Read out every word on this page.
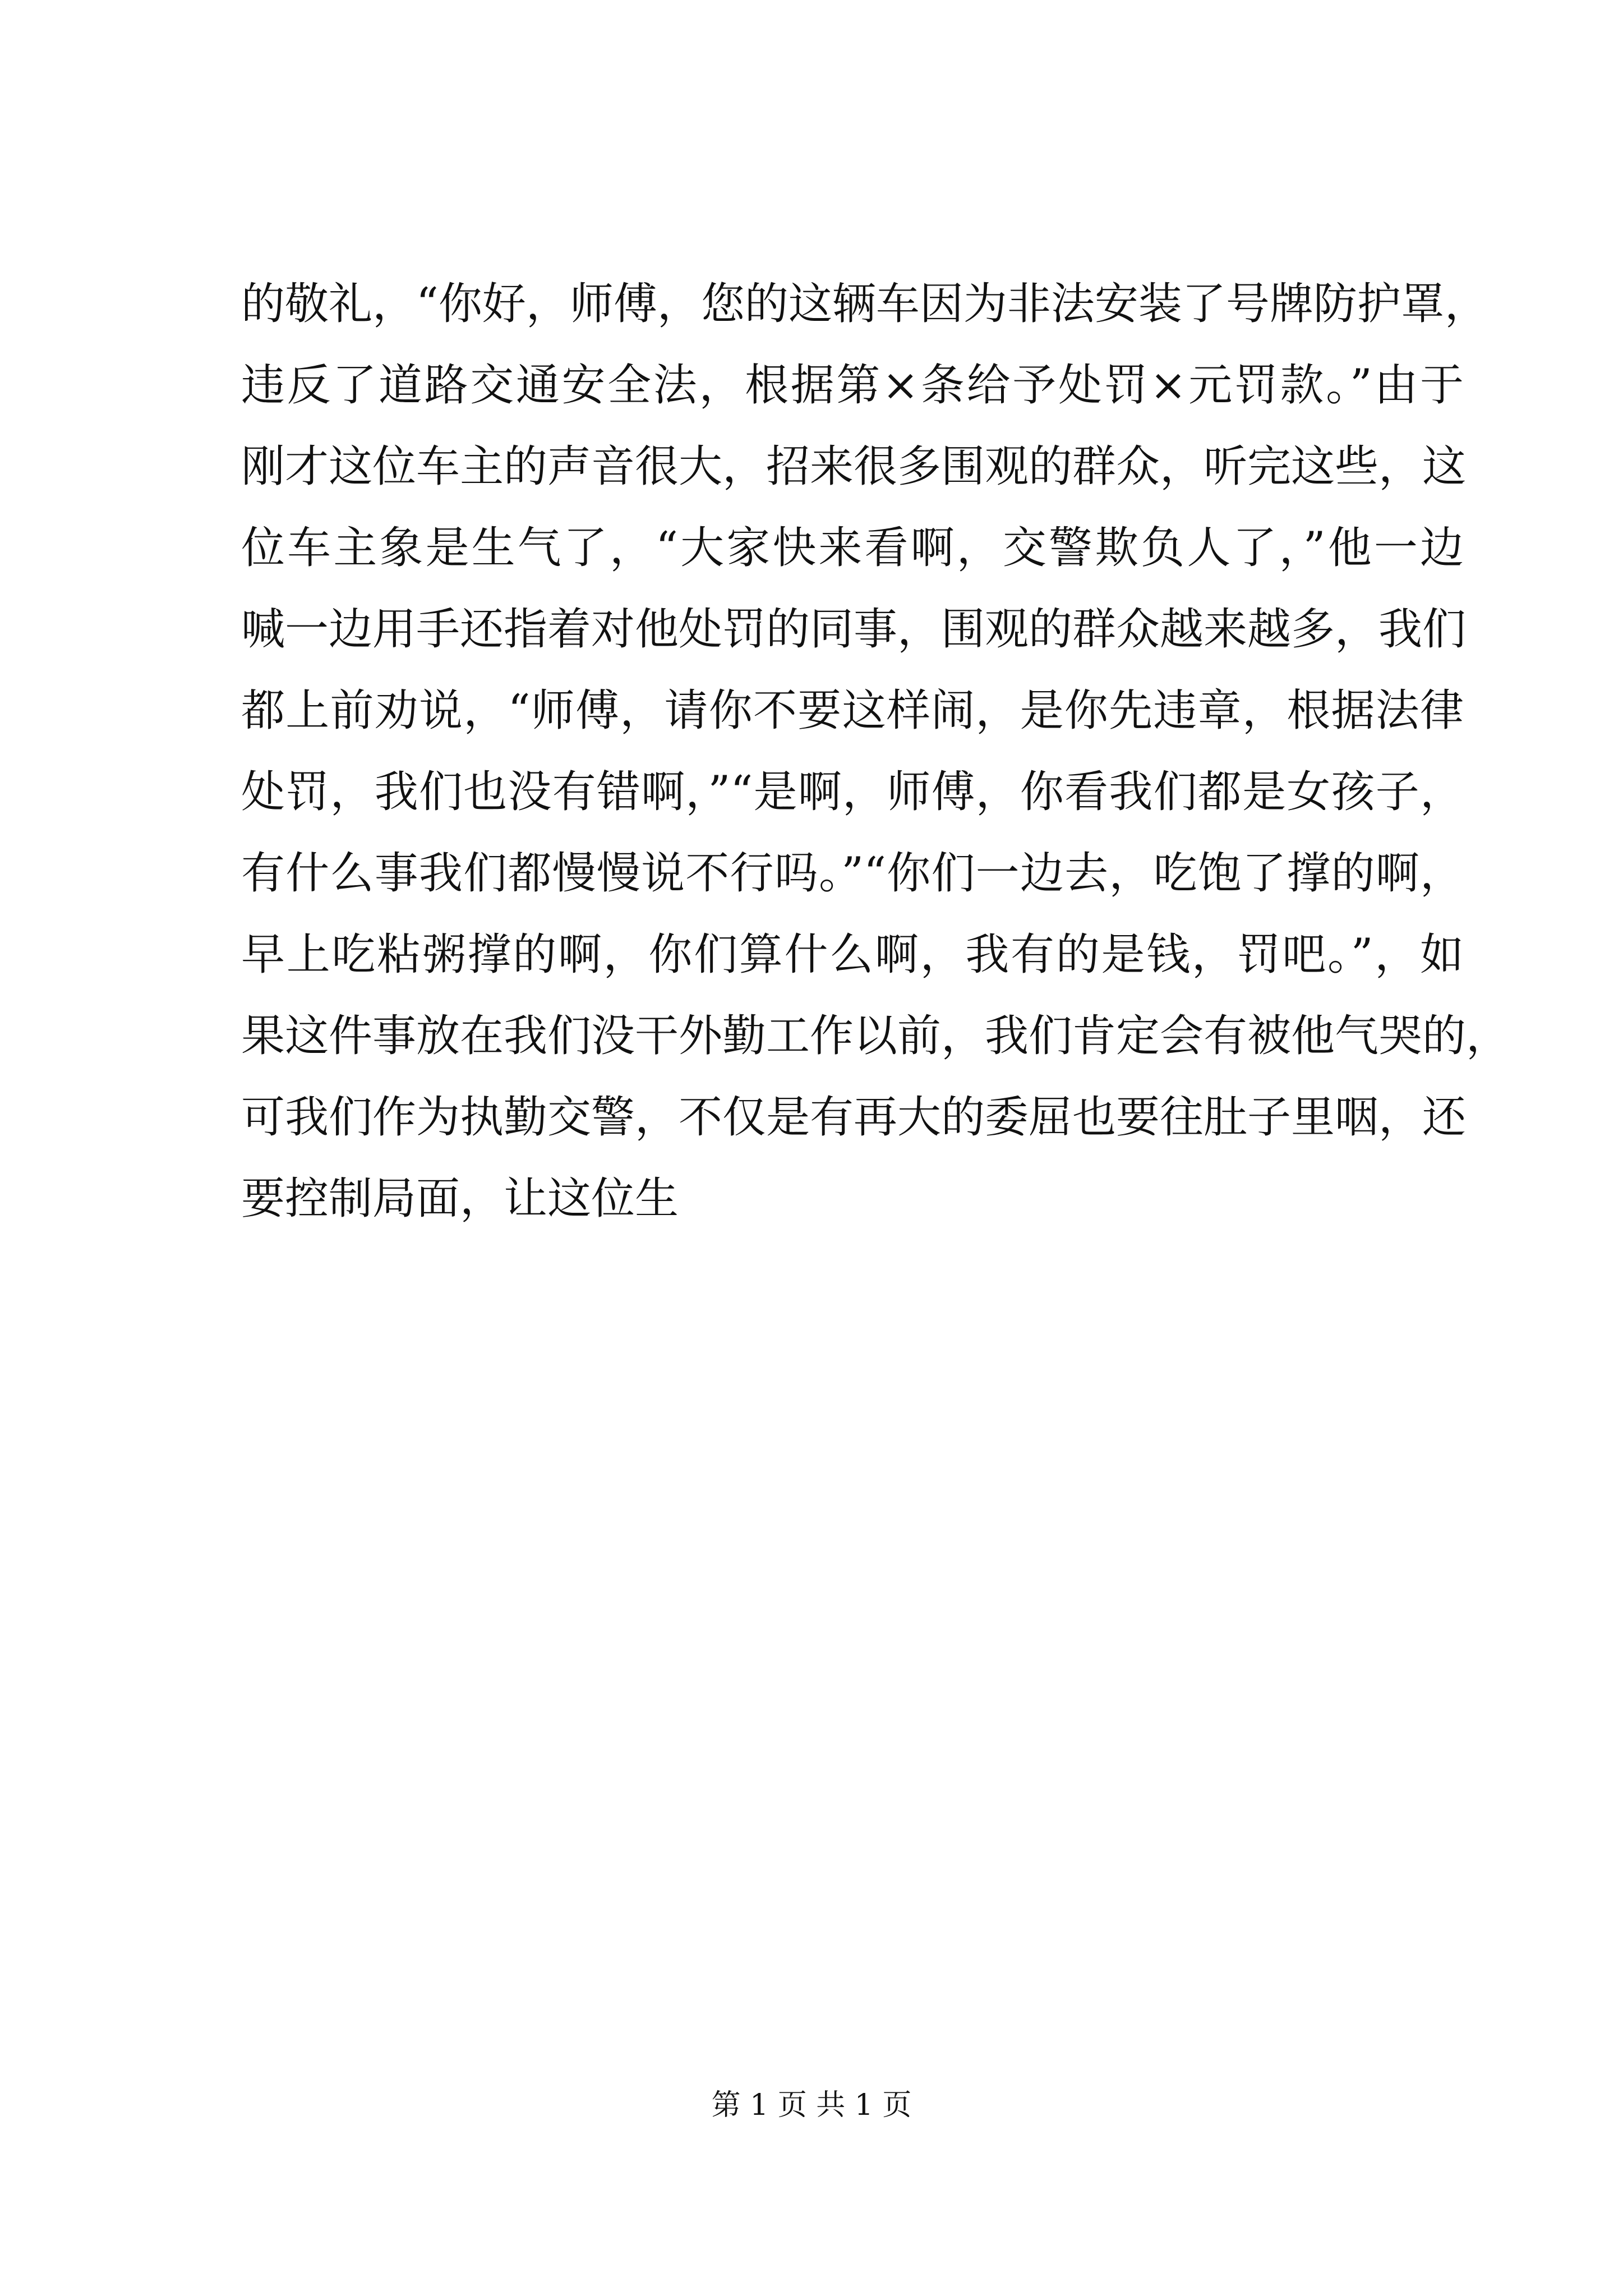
的敬礼，“你好，师傅，您的这辆车因为非法安装了号牌防护罩，
违反了道路交通安全法，根据第×条给予处罚×元罚款。”由于
刚才这位车主的声音很大，招来很多围观的群众，听完这些，这
位车主象是生气了，“大家快来看啊，交警欺负人了，”他一边
喊一边用手还指着对他处罚的同事，围观的群众越来越多，我们
都上前劝说，“师傅，请你不要这样闹，是你先违章，根据法律
处罚，我们也没有错啊，”“是啊，师傅，你看我们都是女孩子，
有什么事我们都慢慢说不行吗。”“你们一边去，吃饱了撑的啊，
早上吃粘粥撑的啊，你们算什么啊，我有的是钱，罚吧。”，如
果这件事放在我们没干外勤工作以前，我们肯定会有被他气哭的，
可我们作为执勤交警，不仅是有再大的委屈也要往肚子里咽，还
要控制局面，让这位生
第 1 页 共 1 页
